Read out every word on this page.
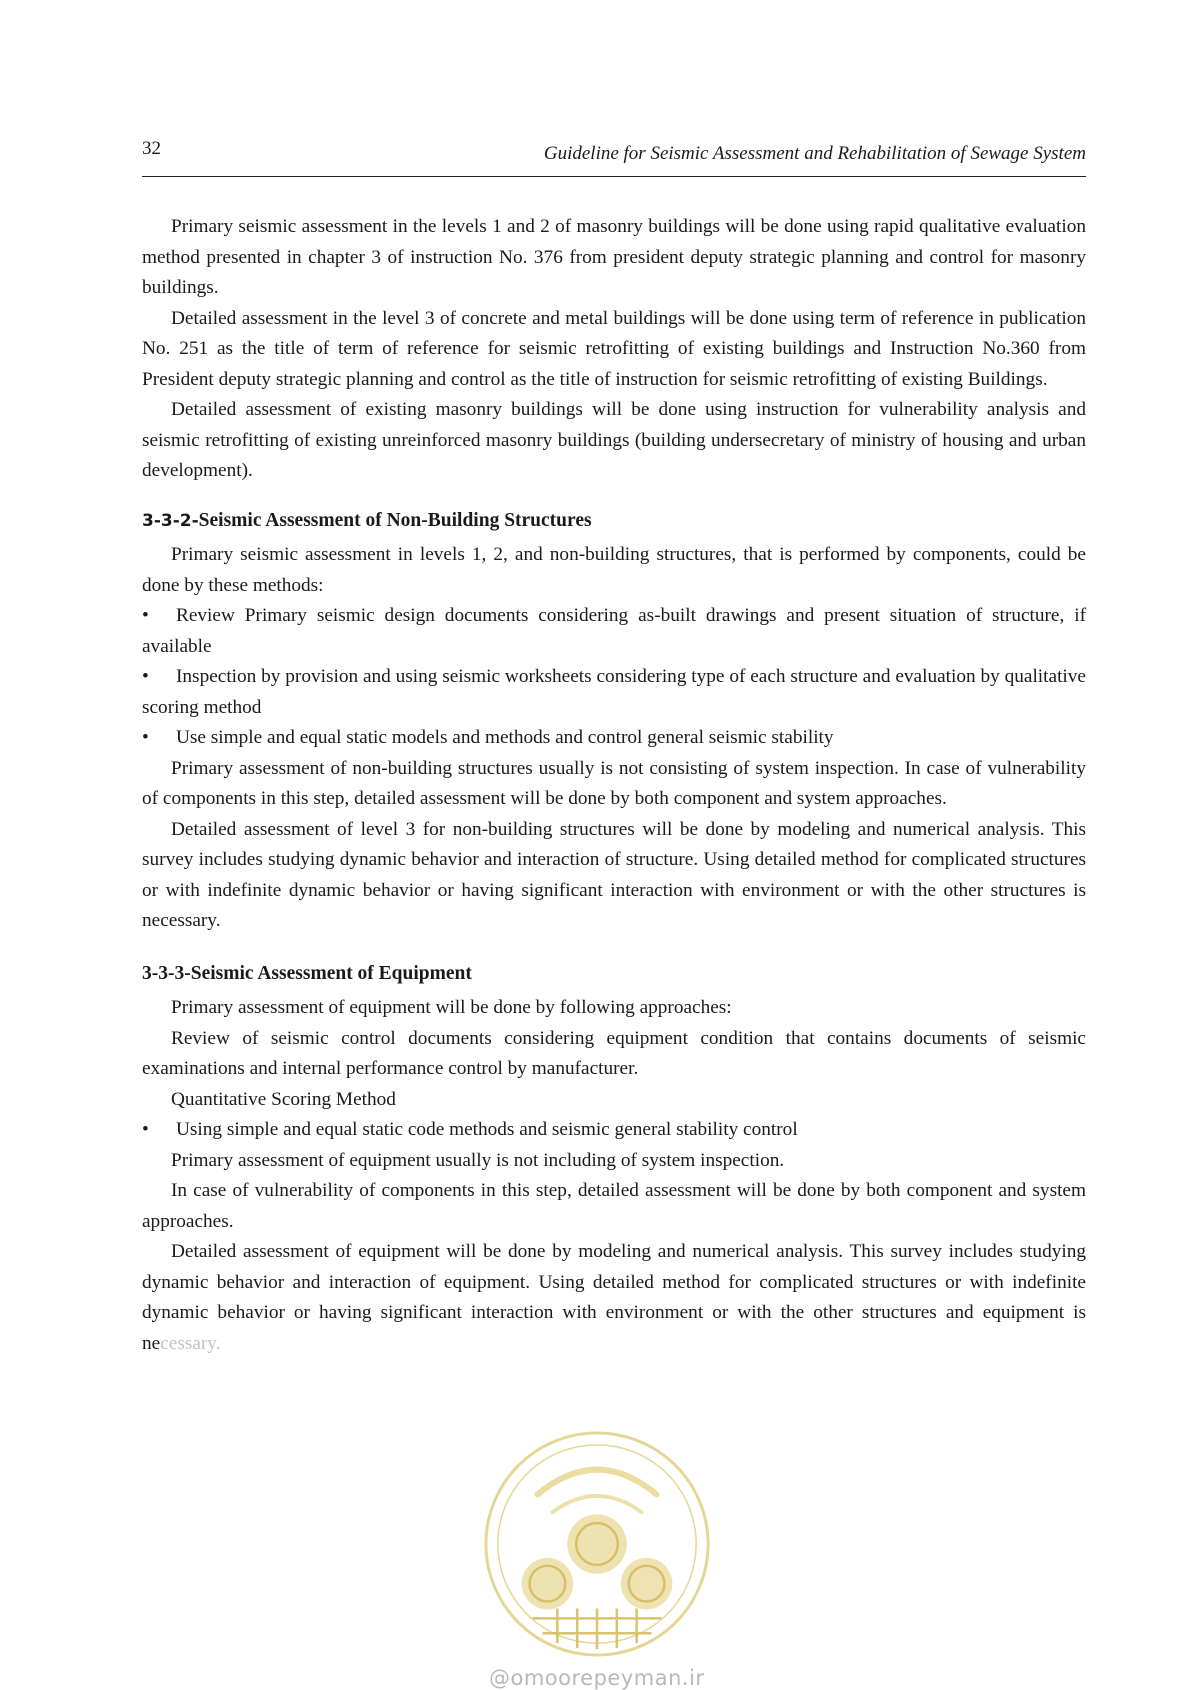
32	Guideline for Seismic Assessment and Rehabilitation of Sewage System

Primary seismic assessment in the levels 1 and 2 of masonry buildings will be done using rapid qualitative evaluation method presented in chapter 3 of instruction No. 376 from president deputy strategic planning and control for masonry buildings.

Detailed assessment in the level 3 of concrete and metal buildings will be done using term of reference in publication No. 251 as the title of term of reference for seismic retrofitting of existing buildings and Instruction No.360 from President deputy strategic planning and control as the title of instruction for seismic retrofitting of existing Buildings.

Detailed assessment of existing masonry buildings will be done using instruction for vulnerability analysis and seismic retrofitting of existing unreinforced masonry buildings (building undersecretary of ministry of housing and urban development).

3-3-2-Seismic Assessment of Non-Building Structures

Primary seismic assessment in levels 1, 2, and non-building structures, that is performed by components, could be done by these methods:

• Review Primary seismic design documents considering as-built drawings and present situation of structure, if available

• Inspection by provision and using seismic worksheets considering type of each structure and evaluation by qualitative scoring method

• Use simple and equal static models and methods and control general seismic stability

Primary assessment of non-building structures usually is not consisting of system inspection. In case of vulnerability of components in this step, detailed assessment will be done by both component and system approaches.

Detailed assessment of level 3 for non-building structures will be done by modeling and numerical analysis. This survey includes studying dynamic behavior and interaction of structure. Using detailed method for complicated structures or with indefinite dynamic behavior or having significant interaction with environment or with the other structures is necessary.

3-3-3-Seismic Assessment of Equipment

Primary assessment of equipment will be done by following approaches:

Review of seismic control documents considering equipment condition that contains documents of seismic examinations and internal performance control by manufacturer.

Quantitative Scoring Method

• Using simple and equal static code methods and seismic general stability control

Primary assessment of equipment usually is not including of system inspection.

In case of vulnerability of components in this step, detailed assessment will be done by both component and system approaches.

Detailed assessment of equipment will be done by modeling and numerical analysis. This survey includes studying dynamic behavior and interaction of equipment. Using detailed method for complicated structures or with indefinite dynamic behavior or having significant interaction with environment or with the other structures and equipment is necessary.

@omoorepeyman.ir
